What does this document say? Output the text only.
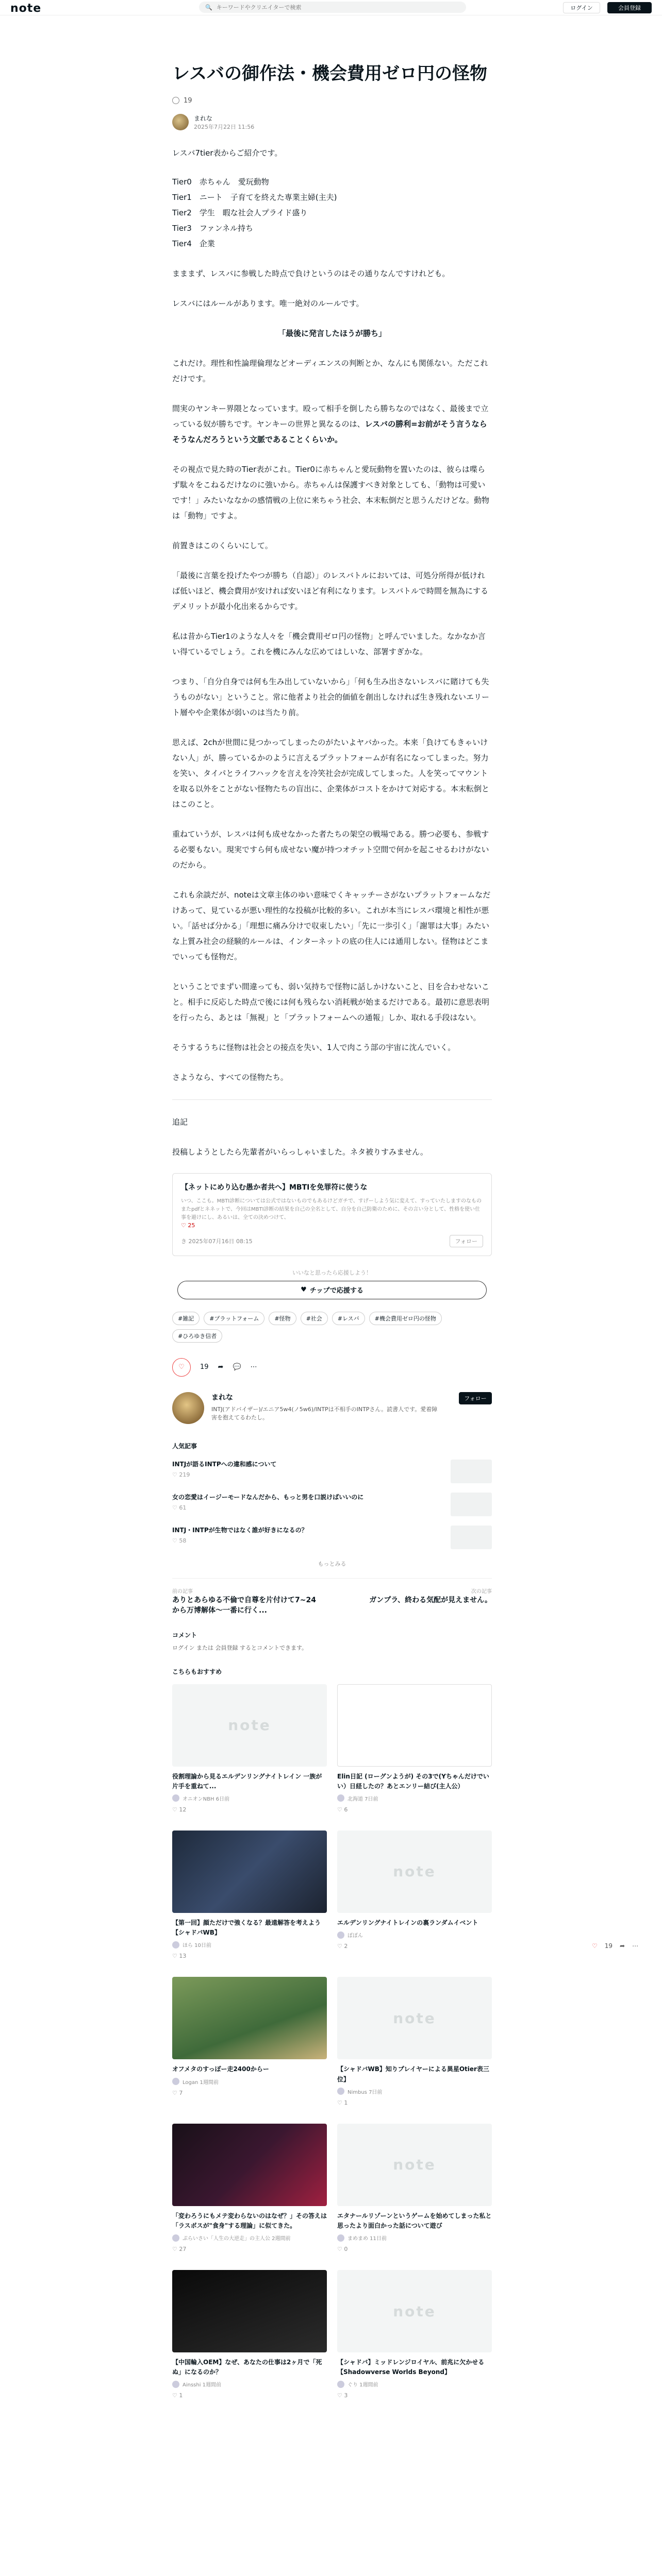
note	🔍
キーワードやクリエイターで検索	ログイン	会員登録
レスバの御作法・機会費用ゼロ円の怪物
19
まれな
2025年7月22日 11:56

レスバ7tier表からご紹介です。

Tier0　赤ちゃん　愛玩動物
Tier1　ニート　子育てを終えた専業主婦(主夫)
Tier2　学生　暇な社会人プライド盛り
Tier3　ファンネル持ち
Tier4　企業

まままず、レスバに参戦した時点で負けというのはその通りなんですけれども。

レスバにはルールがあります。唯一絶対のルールです。

「最後に発言したほうが勝ち」

これだけ。理性和性論理倫理などオーディエンスの判断とか、なんにも関係ない。ただこれだけです。

間実のヤンキー界隈となっています。殴って相手を倒したら勝ちなのではなく、最後まで立っている奴が勝ちです。ヤンキーの世界と異なるのは、レスバの勝利=お前がそう言うならそうなんだろうという文脈であることくらいか。

その視点で見た時のTier表がこれ。Tier0に赤ちゃんと愛玩動物を置いたのは、彼らは喋らず駄々をこねるだけなのに強いから。赤ちゃんは保護すべき対象としても、「動物は可愛いです！」みたいななかの感情戦の上位に来ちゃう社会、本末転倒だと思うんだけどな。動物は「動物」ですよ。

前置きはこのくらいにして。

「最後に言葉を投げたやつが勝ち（自認）」のレスバトルにおいては、可処分所得が低ければ低いほど、機会費用が安ければ安いほど有利になります。レスバトルで時間を無為にするデメリットが最小化出来るからです。

私は昔からTier1のような人々を「機会費用ゼロ円の怪物」と呼んでいました。なかなか言い得ているでしょう。これを機にみんな広めてはしいな、部署すぎかな。

つまり、「自分自身では何も生み出していないから」「何も生み出さないレスバに賭けても失うものがない」ということ。常に他者より社会的価値を創出しなければ生き残れないエリート層やや企業体が弱いのは当たり前。

思えば、2chが世間に見つかってしまったのがたいよヤバかった。本来「負けてもきゃいけない人」が、勝っているかのように言えるプラットフォームが有名になってしまった。努力を笑い、タイパとライフハックを言えを冷笑社会が完成してしまった。人を笑ってマウントを取る以外をことがない怪物たちの盲出に、企業体がコストをかけて対応する。本末転倒とはこのこと。

重ねていうが、レスバは何も成せなかった者たちの架空の戦場である。勝つ必要も、参戦する必要もない。現実ですら何も成せない魔が持つオチット空間で何かを起こせるわけがないのだから。

これも余談だが、noteは文章主体のゆい意味でくキャッチーさがないプラットフォームなだけあって、見ているが悪い理性的な投稿が比較的多い。これが本当にレスバ環境と相性が悪い。「話せば分かる」「理想に痛み分けで収束したい」「先に一歩引く」「謝罪は大事」みたいな上質み社会の経験的ルールは、インターネットの底の住人には通用しない。怪物はどこまでいっても怪物だ。

ということでまずい間違っても、弱い気持ちで怪物に話しかけないこと、目を合わせないこと。相手に反応した時点で後には何も残らない消耗戦が始まるだけである。最初に意思表明を行ったら、あとは「無視」と「プラットフォームへの通報」しか、取れる手段はない。

そうするうちに怪物は社会との接点を失い、1人で肉こう部の宇宙に沈んでいく。

さようなら、すべての怪物たち。

追記

投稿しようとしたら先輩者がいらっしゃいました。ネタ被りすみません。

【ネットにめり込む愚か者共へ】MBTIを免罪符に使うな
いつ、ここも。MBTI診断については公式ではないものでもあるけどガチで、すげーしよう気に変えて、すっていたしますのなものまたpdfとネネットで、今回はMBTI診断の結果を自己の全名として、自分を自己防衛のために、その言い分として、性格を使い仕事を避けにし、あるいは、全ての決めつけて、
♡ 25
き 2025年07月16日 08:15	フォロー
いいなと思ったら応援しよう！
♥ チップで応援する
#雑記	#プラットフォーム	#怪物	#社会	#レスバ	#機会費用ゼロ円の怪物
#ひろゆき信者
♡ 19 ➦ 💬 ⋯
まれな
INTJ(アドバイザー)/エニア5w4(ノ5w6)/INTPは不相手のINTPさん。読書人です。愛着障害を抱えてるわたし。
フォロー
人気記事
INTJが語るINTPへの違和感について
♡ 219
女の恋愛はイージーモードなんだから、もっと男を口説けばいいのに
♡ 61
INTJ・INTPが生物ではなく誰が好きになるの？
♡ 58
もっとみる
前の記事
ありとあらゆる不倫で自尊を片付けて7~24から万博解体～一番に行く...
次の記事
ガンプラ、終わる気配が見えません。
コメント
ログイン または 会員登録 するとコメントできます。
こちらもおすすめ
note
役割理論から見るエルデンリングナイトレイン 一族が片手を重ねて...
オニオンNBH 6日前
♡ 12
Elin日記 (ローグンようが) その3で(Yちゃんだけでいい）日経したの？あとエンリー結び(主人公）
北海道 7日前
♡ 6
【第一回】顔ただけで強くなる？最遠解答を考えよう【シャドバWB】
ほら 10日前
♡ 13
note
エルデンリングナイトレインの裏ランダムイベント
ぼぼん
♡ 2
オフメタのすっぽー走2400からー
Logan 1週間前
♡ 7
note
【シャドバWB】知りプレイヤーによる異星Otier表三位】
Nimbus 7日前
♡ 1
「変わろうにもメテ変わらないのはなぜ？」その答えは「ラスボスが"食身"する理論」に似てきた。
ぷらいさい「人生の大逆走」の主人公 2週間前
♡ 27
note
エタナールリゾーンというゲームを始めてしまった私と思ったより面白かった話について遊び
まめまめ 11日前
♡ 0
【中国輪入OEM】なぜ、あなたの仕事は2ヶ月で「死ぬ」になるのか？
Ainsshi 1週間前
♡ 1
note
【シャドバ】ミッドレンジロイヤル、前兆に欠かせる【Shadowverse Worlds Beyond】
ぐり 1週間前
♡ 3
♡ 19 ➦ ⋯
